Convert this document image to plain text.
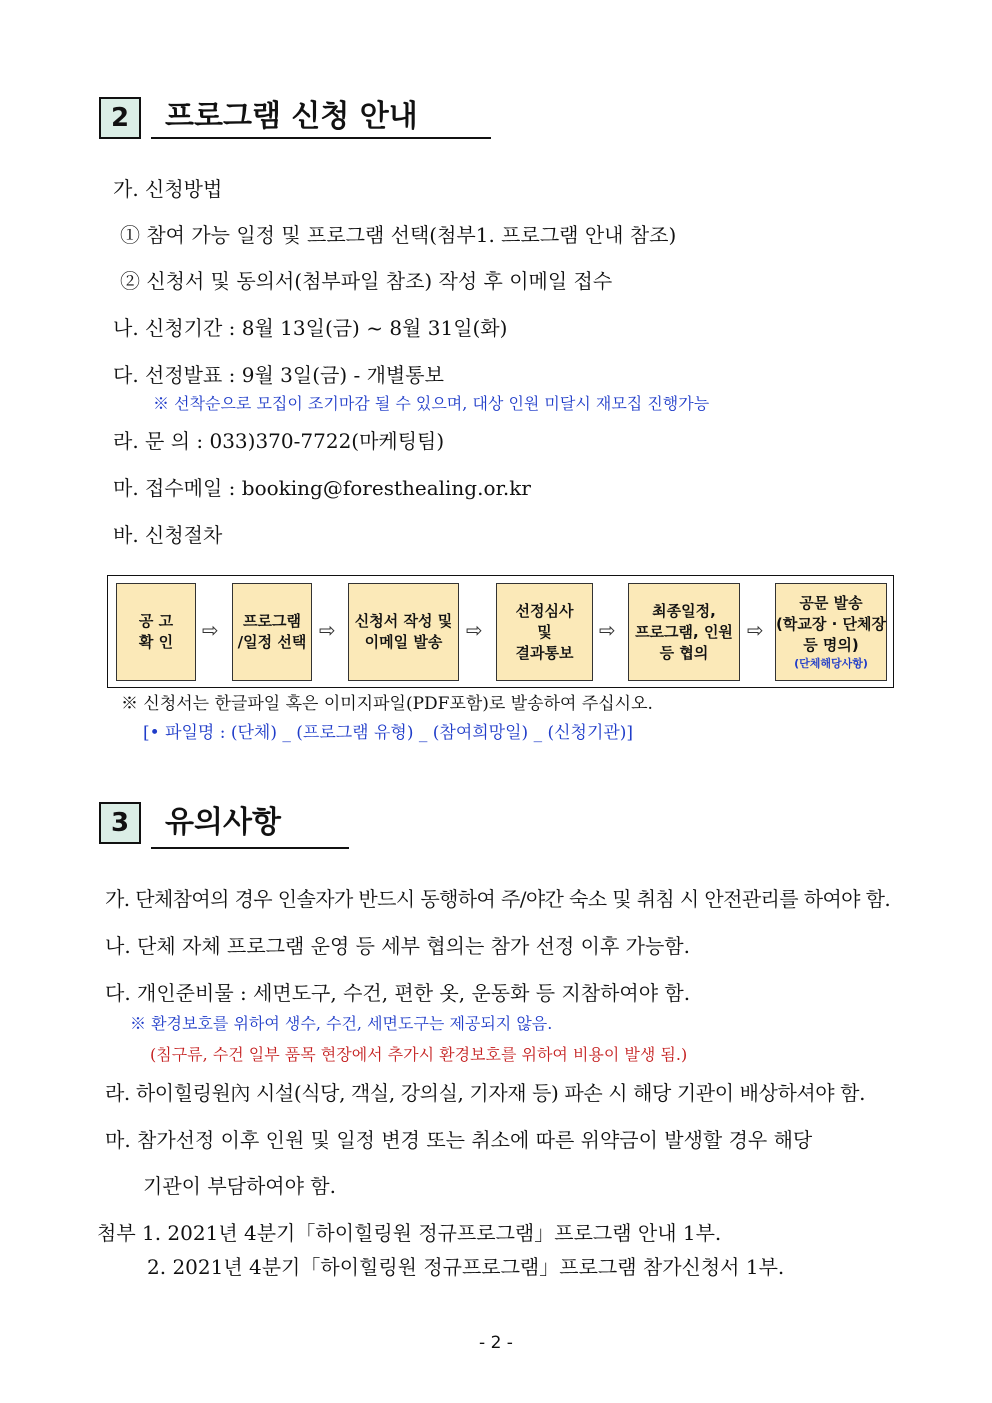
2 프로그램 신청 안내
가. 신청방법
① 참여 가능 일정 및 프로그램 선택(첨부1. 프로그램 안내 참조)
② 신청서 및 동의서(첨부파일 참조) 작성 후 이메일 접수
나. 신청기간 : 8월 13일(금) ~ 8월 31일(화)
다. 선정발표 : 9월 3일(금) - 개별통보
※ 선착순으로 모집이 조기마감 될 수 있으며, 대상 인원 미달시 재모집 진행가능
라. 문 의 : 033)370-7722(마케팅팀)
마. 접수메일 : booking@foresthealing.or.kr
바. 신청절차
공 고
확 인	⇨	프로그램
/일정 선택 ⇨	신청서 작성 및
이메일 발송	⇨
선정심사
및
결과통보
⇨
최종일정,
프로그램, 인원
등 협의
⇨

공문 발송
(학교장 · 단체장
등 명의)

(단체해당사항)

※ 신청서는 한글파일 혹은 이미지파일(PDF포함)로 발송하여 주십시오.
[• 파일명 : (단체) _ (프로그램 유형) _ (참여희망일) _ (신청기관)]
3 유의사항
가. 단체참여의 경우 인솔자가 반드시 동행하여 주/야간 숙소 및 취침 시 안전관리를 하여야 함.
나. 단체 자체 프로그램 운영 등 세부 협의는 참가 선정 이후 가능함.
다. 개인준비물 : 세면도구, 수건, 편한 옷, 운동화 등 지참하여야 함.
※ 환경보호를 위하여 생수, 수건, 세면도구는 제공되지 않음.
(침구류, 수건 일부 품목 현장에서 추가시 환경보호를 위하여 비용이 발생 됨.)
라. 하이힐링원內 시설(식당, 객실, 강의실, 기자재 등) 파손 시 해당 기관이 배상하셔야 함.
마. 참가선정 이후 인원 및 일정 변경 또는 취소에 따른 위약금이 발생할 경우 해당
기관이 부담하여야 함.
첨부 1. 2021년 4분기「하이힐링원 정규프로그램」프로그램 안내 1부.
2. 2021년 4분기「하이힐링원 정규프로그램」프로그램 참가신청서 1부.
- 2 -
